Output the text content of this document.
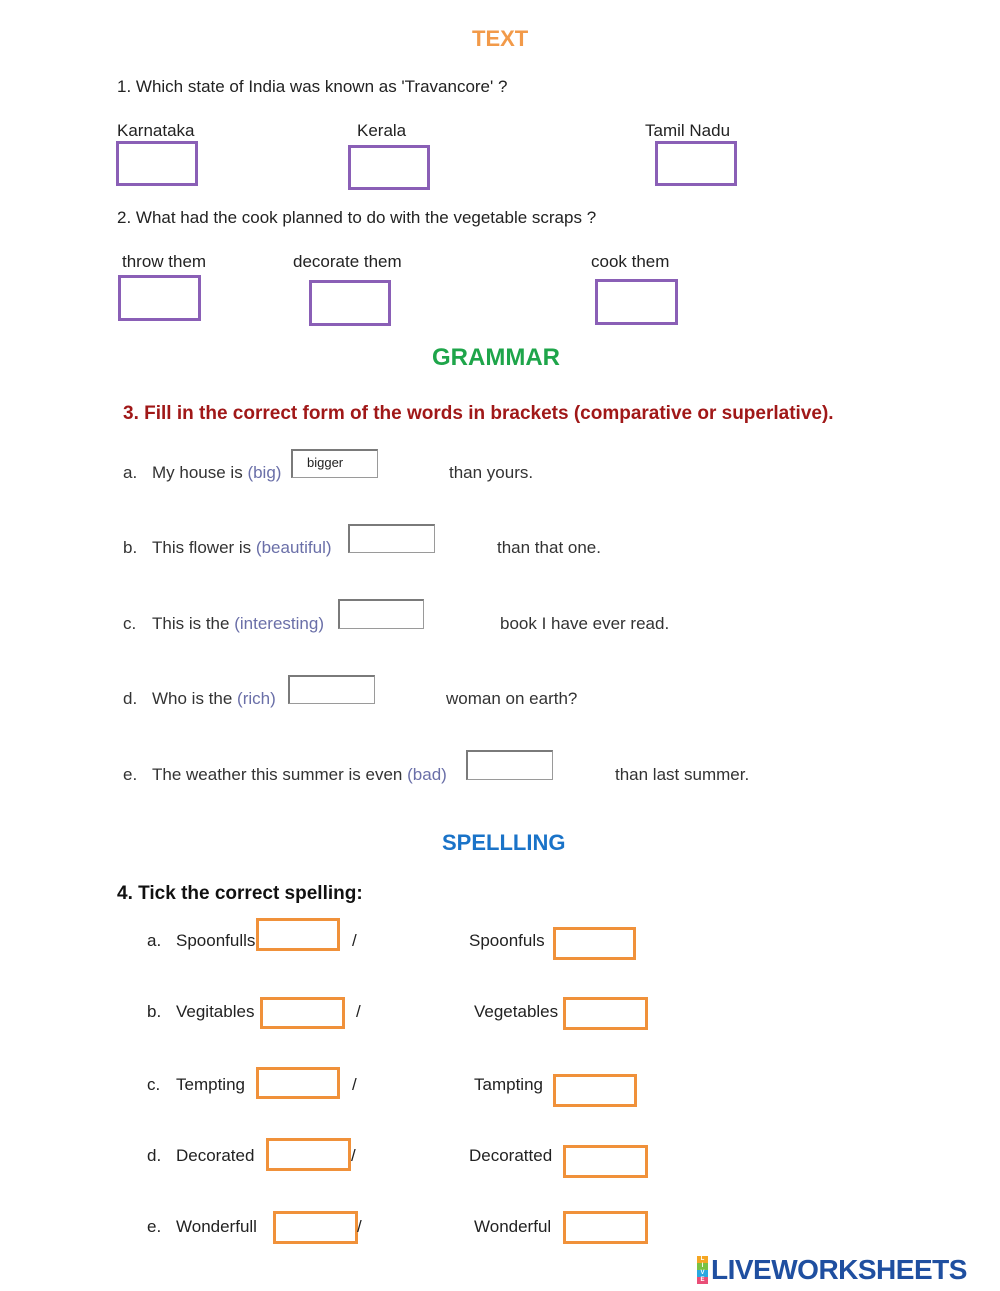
TEXT
1. Which state of India was known as 'Travancore' ?
Karnataka	Kerala	Tamil Nadu
2. What had the cook planned to do with the vegetable scraps ?
throw them	decorate them	cook them
GRAMMAR
3. Fill in the correct form of the words in brackets (comparative or superlative).
a. My house is (big)
bigger
than yours.
b. This flower is (beautiful)	than that one.
c. This is the (interesting)	book I have ever read.
d. Who is the (rich)	woman on earth?
e. The weather this summer is even (bad)	than last summer.
SPELLLING
4. Tick the correct spelling:
a. Spoonfulls	/	Spoonfuls
b. Vegitables	/	Vegetables
c. Tempting	/	Tampting
d. Decorated	/	Decoratted
e. Wonderfull	/	Wonderful
L
I
V
E LIVEWORKSHEETS
